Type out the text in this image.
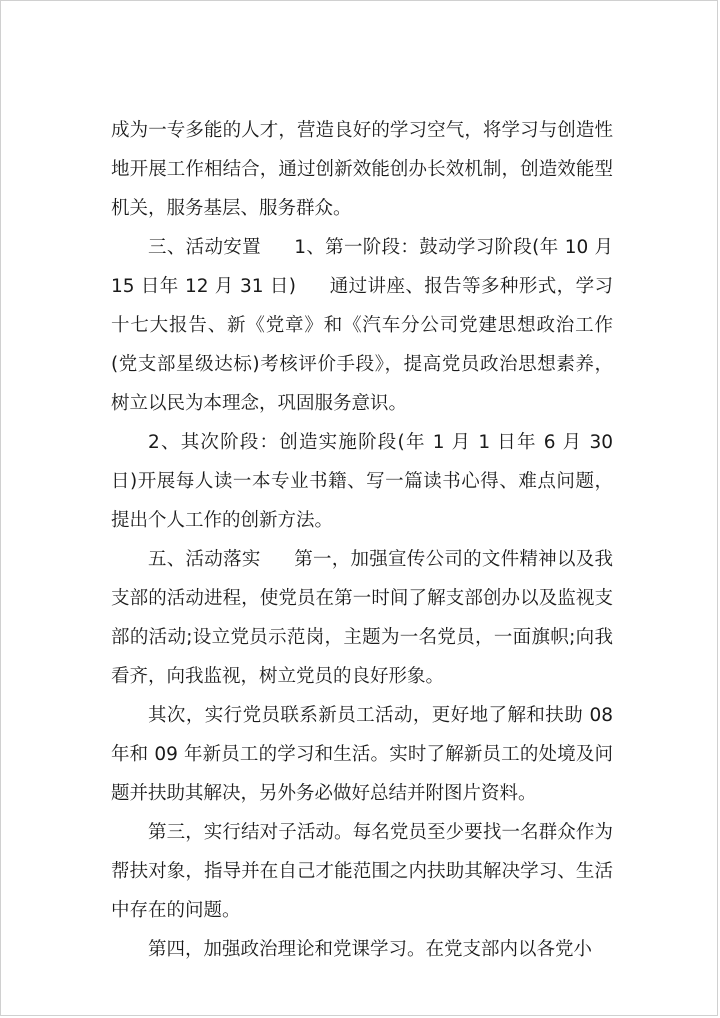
成为一专多能的人才，营造良好的学习空气，将学习与创造性地开展工作相结合，通过创新效能创办长效机制，创造效能型机关，服务基层、服务群众。

三、活动安置 1、第一阶段：鼓动学习阶段(年 10 月 15 日年 12 月 31 日) 通过讲座、报告等多种形式，学习十七大报告、新《党章》和《汽车分公司党建思想政治工作(党支部星级达标)考核评价手段》，提高党员政治思想素养，树立以民为本理念，巩固服务意识。

2、其次阶段：创造实施阶段(年 1 月 1 日年 6 月 30 日)开展每人读一本专业书籍、写一篇读书心得、难点问题，提出个人工作的创新方法。

五、活动落实 第一，加强宣传公司的文件精神以及我支部的活动进程，使党员在第一时间了解支部创办以及监视支部的活动;设立党员示范岗，主题为一名党员，一面旗帜;向我看齐，向我监视，树立党员的良好形象。

其次，实行党员联系新员工活动，更好地了解和扶助 08 年和 09 年新员工的学习和生活。实时了解新员工的处境及问题并扶助其解决，另外务必做好总结并附图片资料。

第三，实行结对子活动。每名党员至少要找一名群众作为帮扶对象，指导并在自己才能范围之内扶助其解决学习、生活中存在的问题。

第四，加强政治理论和党课学习。在党支部内以各党小
